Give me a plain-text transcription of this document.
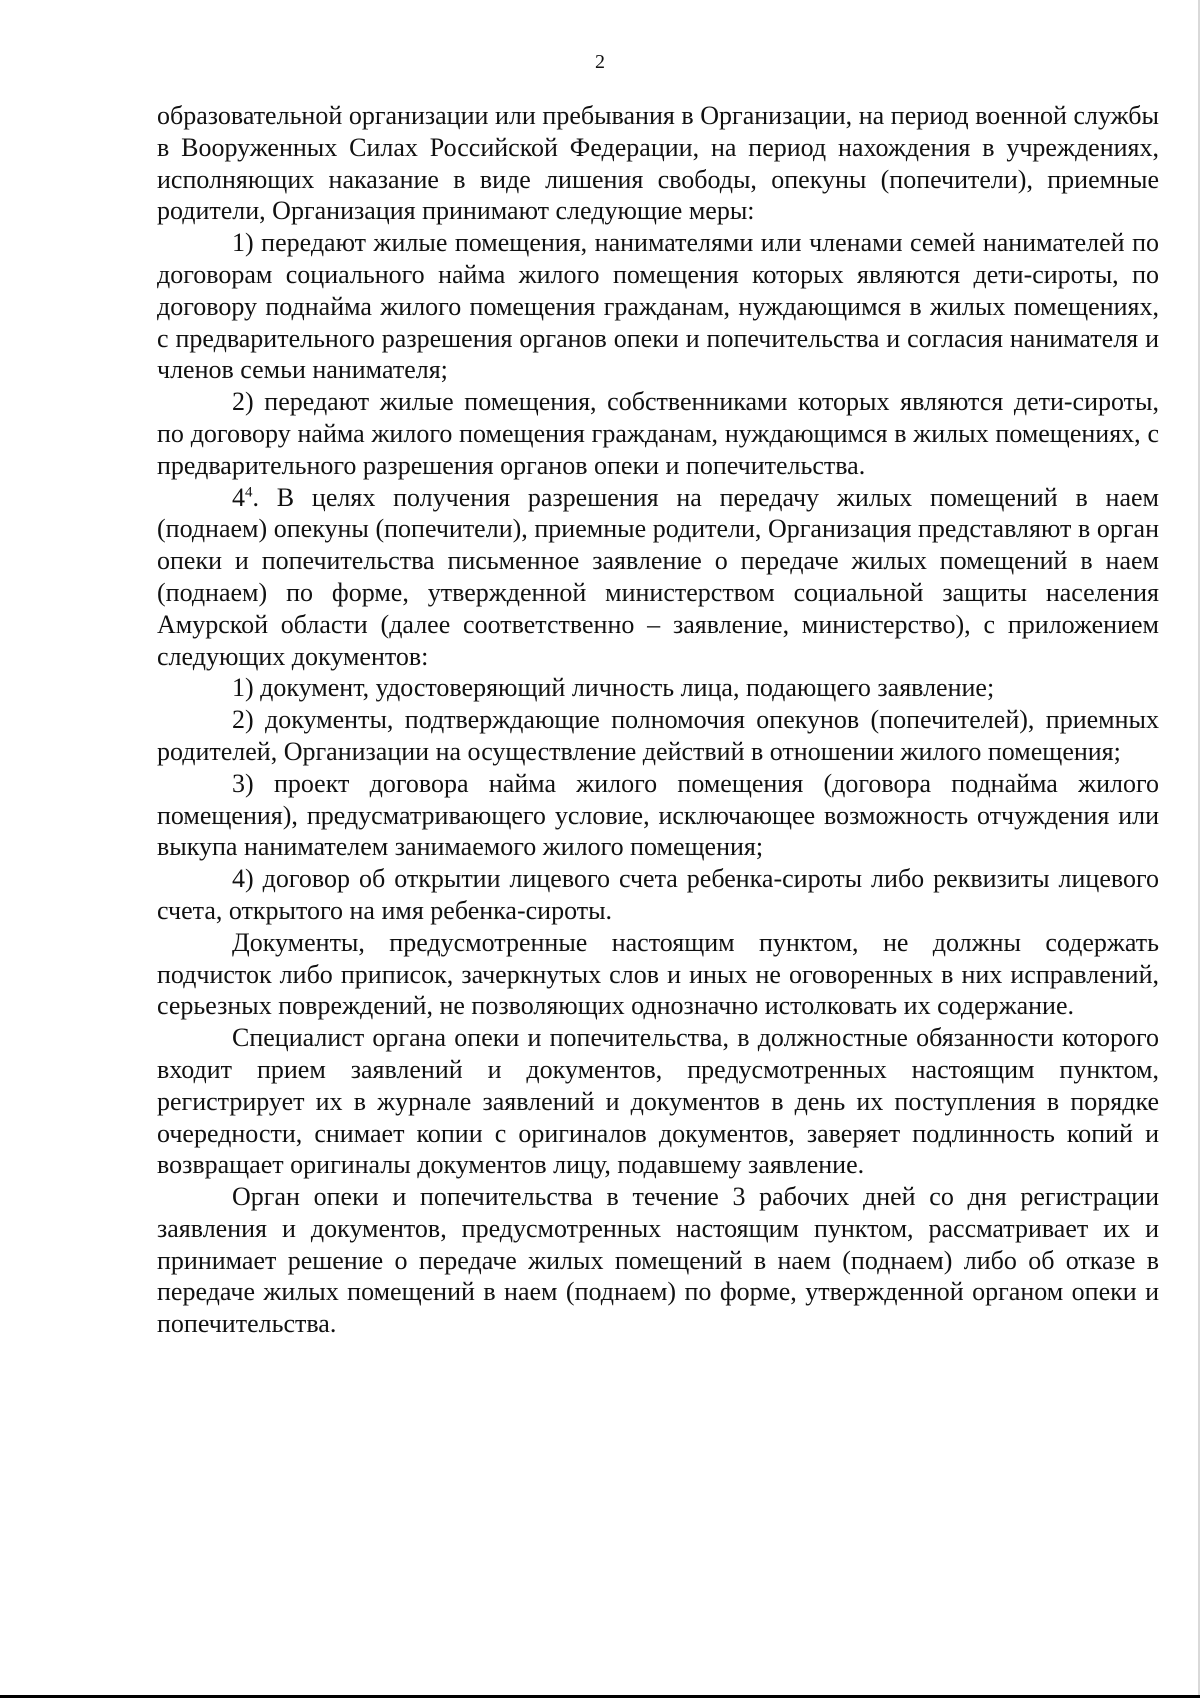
2

образовательной организации или пребывания в Организации, на период военной службы в Вооруженных Силах Российской Федерации, на период нахождения в учреждениях, исполняющих наказание в виде лишения свободы, опекуны (попечители), приемные родители, Организация принимают следующие меры:

1) передают жилые помещения, нанимателями или членами семей нанимателей по договорам социального найма жилого помещения которых являются дети-сироты, по договору поднайма жилого помещения гражданам, нуждающимся в жилых помещениях, с предварительного разрешения органов опеки и попечительства и согласия нанимателя и членов семьи нанимателя;

2) передают жилые помещения, собственниками которых являются дети-сироты, по договору найма жилого помещения гражданам, нуждающимся в жилых помещениях, с предварительного разрешения органов опеки и попечительства.

$4^4$. В целях получения разрешения на передачу жилых помещений в наем (поднаем) опекуны (попечители), приемные родители, Организация представляют в орган опеки и попечительства письменное заявление о передаче жилых помещений в наем (поднаем) по форме, утвержденной министерством социальной защиты населения Амурской области (далее соответственно – заявление, министерство), с приложением следующих документов:

1) документ, удостоверяющий личность лица, подающего заявление;

2) документы, подтверждающие полномочия опекунов (попечителей), приемных родителей, Организации на осуществление действий в отношении жилого помещения;

3) проект договора найма жилого помещения (договора поднайма жилого помещения), предусматривающего условие, исключающее возможность отчуждения или выкупа нанимателем занимаемого жилого помещения;

4) договор об открытии лицевого счета ребенка-сироты либо реквизиты лицевого счета, открытого на имя ребенка-сироты.

Документы, предусмотренные настоящим пунктом, не должны содержать подчисток либо приписок, зачеркнутых слов и иных не оговоренных в них исправлений, серьезных повреждений, не позволяющих однозначно истолковать их содержание.

Специалист органа опеки и попечительства, в должностные обязанности которого входит прием заявлений и документов, предусмотренных настоящим пунктом, регистрирует их в журнале заявлений и документов в день их поступления в порядке очередности, снимает копии с оригиналов документов, заверяет подлинность копий и возвращает оригиналы документов лицу, подавшему заявление.

Орган опеки и попечительства в течение 3 рабочих дней со дня регистрации заявления и документов, предусмотренных настоящим пунктом, рассматривает их и принимает решение о передаче жилых помещений в наем (поднаем) либо об отказе в передаче жилых помещений в наем (поднаем) по форме, утвержденной органом опеки и попечительства.
